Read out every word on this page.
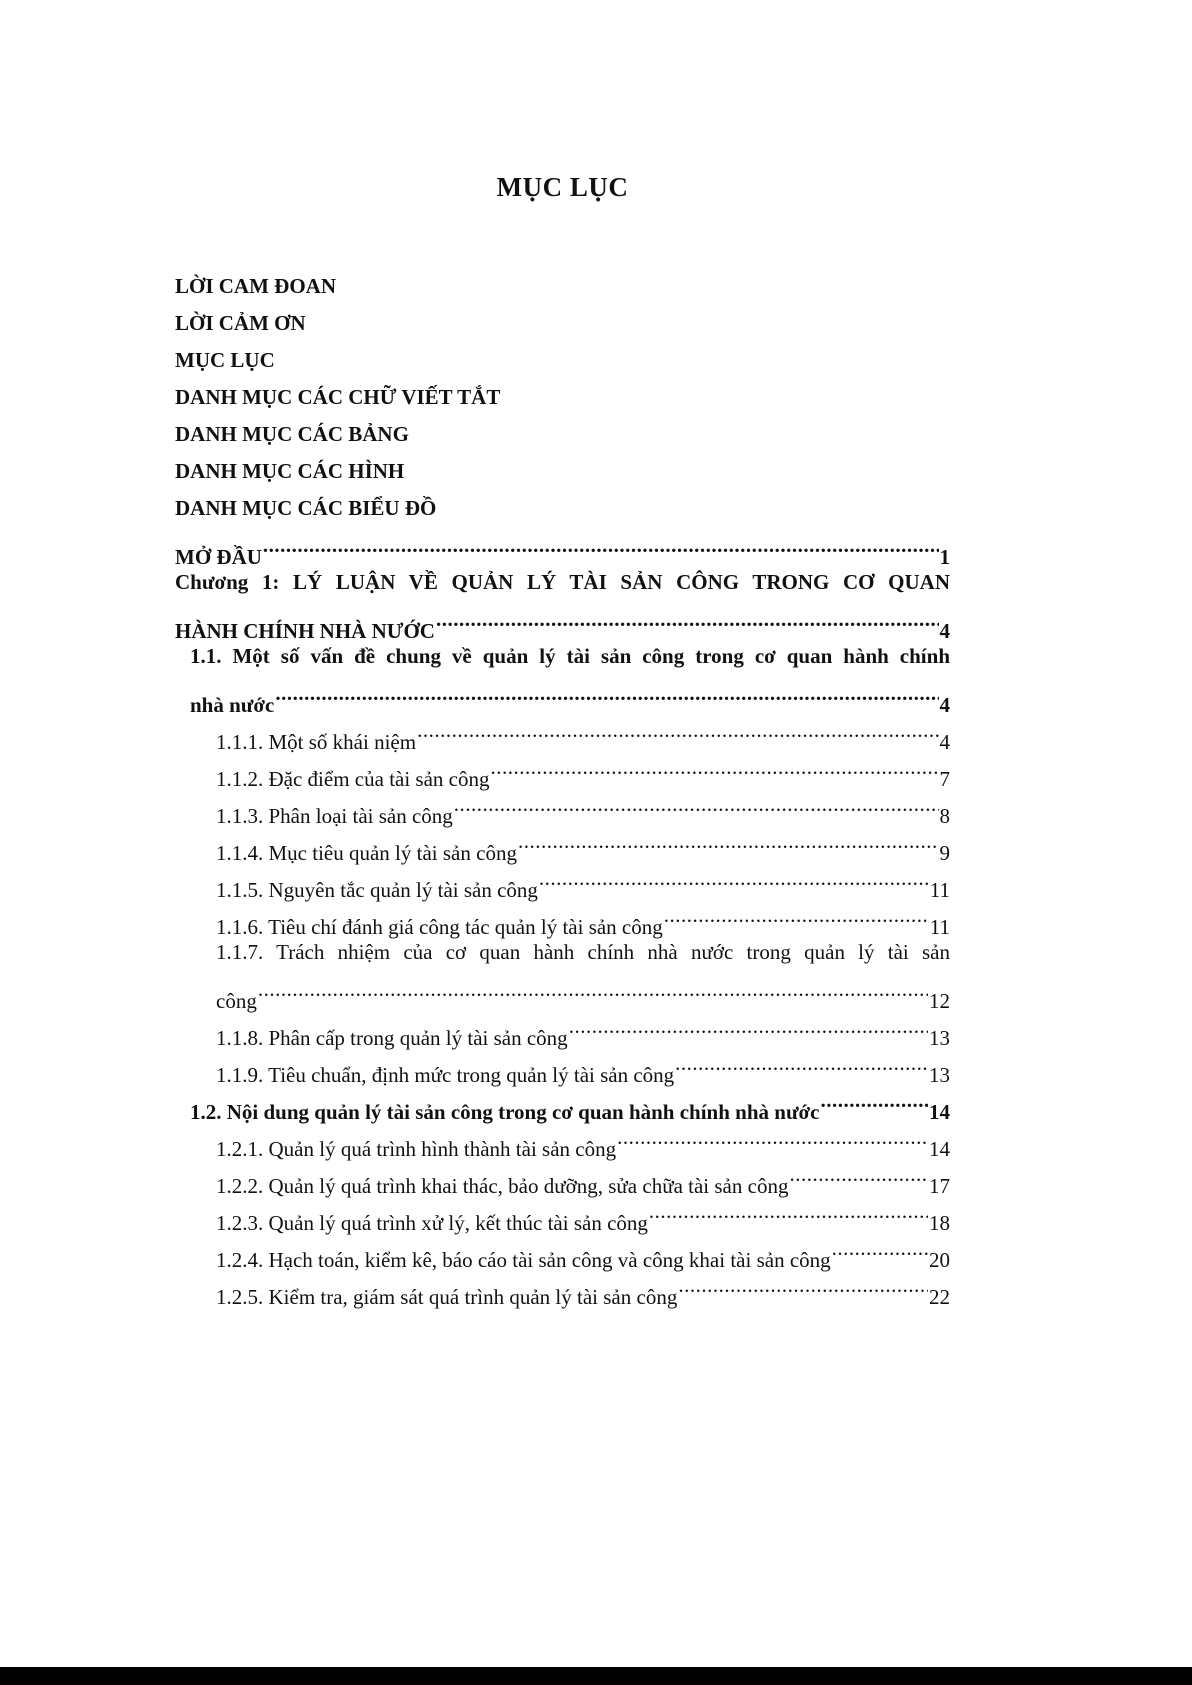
MỤC LỤC
LỜI CAM ĐOAN
LỜI CẢM ƠN
MỤC LỤC
DANH MỤC CÁC CHỮ VIẾT TẮT
DANH MỤC CÁC BẢNG
DANH MỤC CÁC HÌNH
DANH MỤC CÁC BIỂU ĐỒ
MỞ ĐẦU .....	1
Chương 1: LÝ LUẬN VỀ QUẢN LÝ TÀI SẢN CÔNG TRONG CƠ QUAN
HÀNH CHÍNH NHÀ NƯỚC .....	4
1.1. Một số vấn đề chung về quản lý tài sản công trong cơ quan hành chính
nhà nước .....	4
1.1.1. Một số khái niệm .....	4
1.1.2. Đặc điểm của tài sản công .....	7
1.1.3. Phân loại tài sản công .....	8
1.1.4. Mục tiêu quản lý tài sản công .....	9
1.1.5. Nguyên tắc quản lý tài sản công .....	11
1.1.6. Tiêu chí đánh giá công tác quản lý tài sản công .....	11
1.1.7. Trách nhiệm của cơ quan hành chính nhà nước trong quản lý tài sản
công .....	12
1.1.8. Phân cấp trong quản lý tài sản công .....	13
1.1.9. Tiêu chuẩn, định mức trong quản lý tài sản công .....	13
1.2. Nội dung quản lý tài sản công trong cơ quan hành chính nhà nước .....	14
1.2.1. Quản lý quá trình hình thành tài sản công .....	14
1.2.2. Quản lý quá trình khai thác, bảo dưỡng, sửa chữa tài sản công .....	17
1.2.3. Quản lý quá trình xử lý, kết thúc tài sản công .....	18
1.2.4. Hạch toán, kiểm kê, báo cáo tài sản công và công khai tài sản công .....	20
1.2.5. Kiểm tra, giám sát quá trình quản lý tài sản công .....	22
